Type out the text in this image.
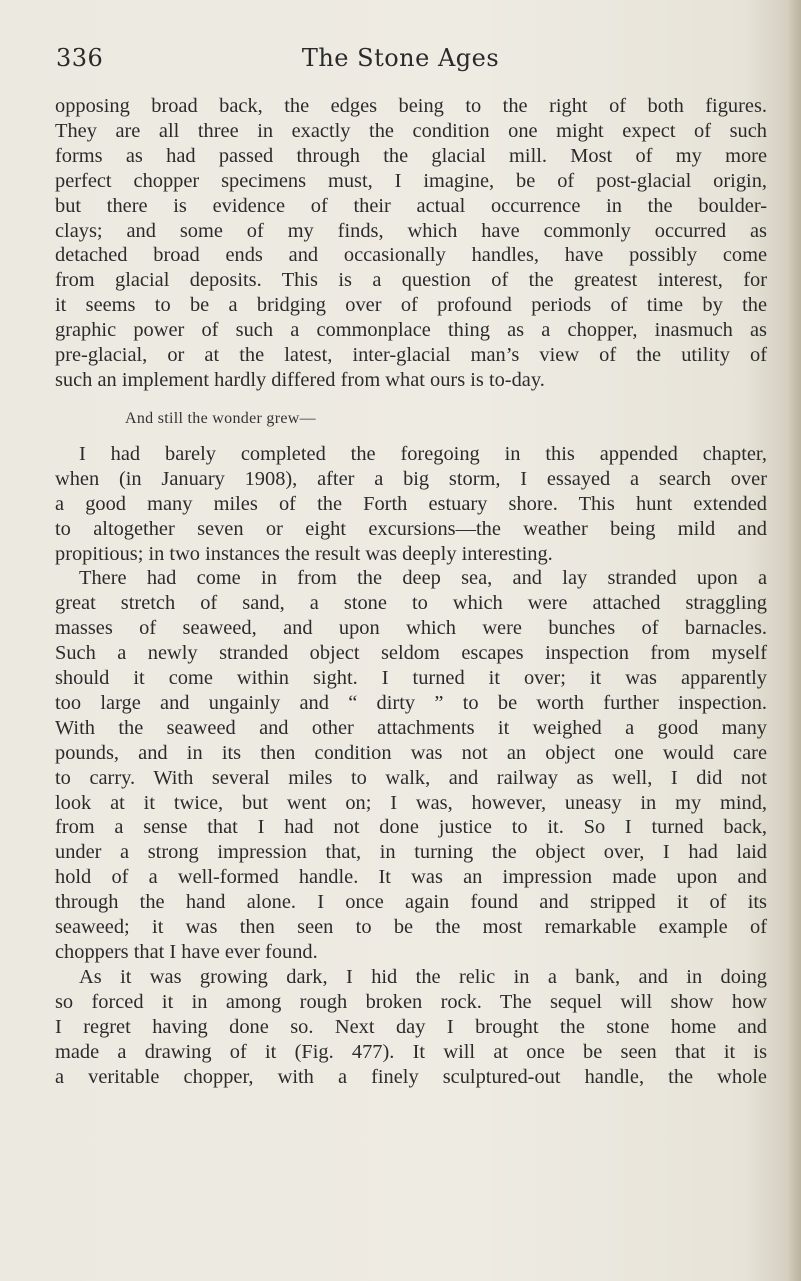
336	The Stone Ages

opposing broad back, the edges being to the right of both figures.

They are all three in exactly the condition one might expect of such

forms as had passed through the glacial mill. Most of my more

perfect chopper specimens must, I imagine, be of post-glacial origin,

but there is evidence of their actual occurrence in the boulder-

clays; and some of my finds, which have commonly occurred as

detached broad ends and occasionally handles, have possibly come

from glacial deposits. This is a question of the greatest interest, for

it seems to be a bridging over of profound periods of time by the

graphic power of such a commonplace thing as a chopper, inasmuch as

pre-glacial, or at the latest, inter-glacial man’s view of the utility of

such an implement hardly differed from what ours is to-day.

And still the wonder grew—

I had barely completed the foregoing in this appended chapter,

when (in January 1908), after a big storm, I essayed a search over

a good many miles of the Forth estuary shore. This hunt extended

to altogether seven or eight excursions—the weather being mild and

propitious; in two instances the result was deeply interesting.

There had come in from the deep sea, and lay stranded upon a

great stretch of sand, a stone to which were attached straggling

masses of seaweed, and upon which were bunches of barnacles.

Such a newly stranded object seldom escapes inspection from myself

should it come within sight. I turned it over; it was apparently

too large and ungainly and “ dirty ” to be worth further inspection.

With the seaweed and other attachments it weighed a good many

pounds, and in its then condition was not an object one would care

to carry. With several miles to walk, and railway as well, I did not

look at it twice, but went on; I was, however, uneasy in my mind,

from a sense that I had not done justice to it. So I turned back,

under a strong impression that, in turning the object over, I had laid

hold of a well-formed handle. It was an impression made upon and

through the hand alone. I once again found and stripped it of its

seaweed; it was then seen to be the most remarkable example of

choppers that I have ever found.

As it was growing dark, I hid the relic in a bank, and in doing

so forced it in among rough broken rock. The sequel will show how

I regret having done so. Next day I brought the stone home and

made a drawing of it (Fig. 477). It will at once be seen that it is

a veritable chopper, with a finely sculptured-out handle, the whole
